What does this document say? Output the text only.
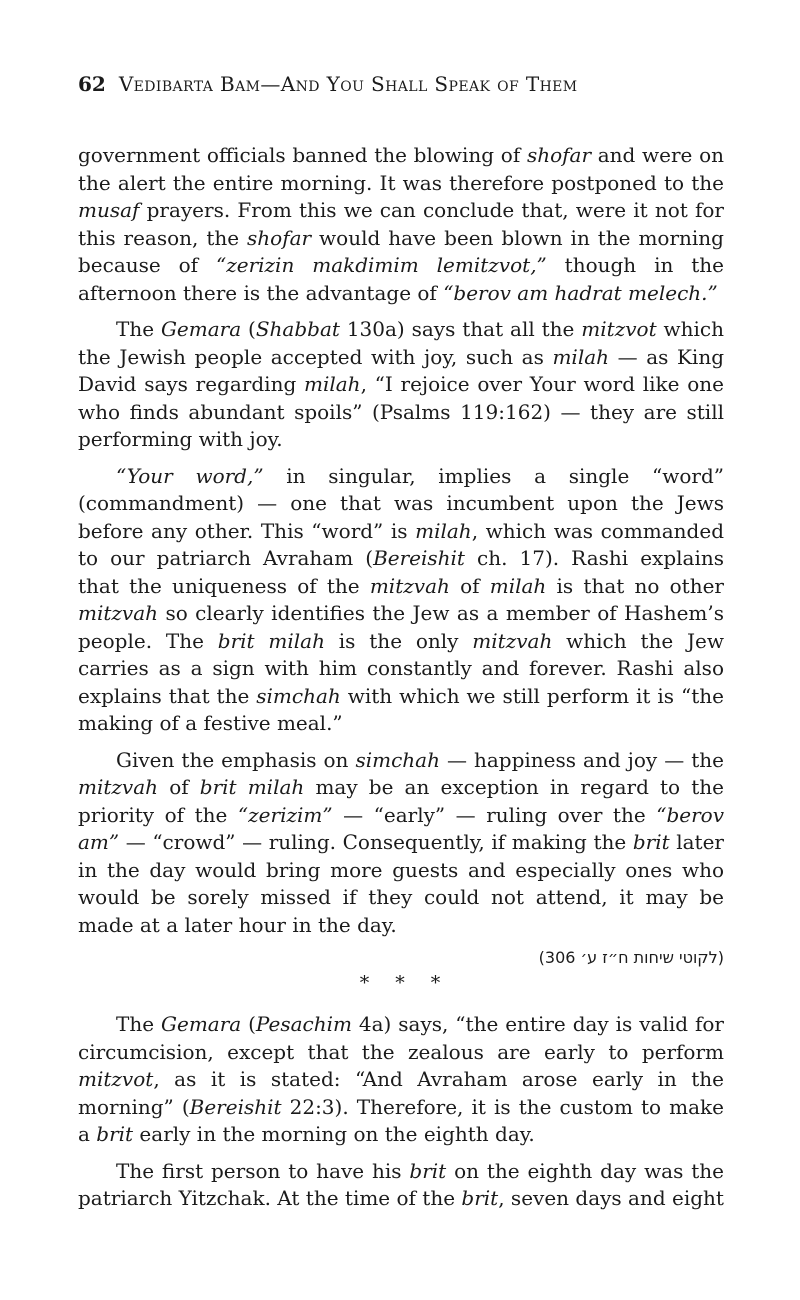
62 Vedibarta Bam—And You Shall Speak of Them

government officials banned the blowing of shofar and were on the alert the entire morning. It was therefore postponed to the musaf prayers. From this we can conclude that, were it not for this reason, the shofar would have been blown in the morning because of “zerizin makdimim lemitzvot,” though in the afternoon there is the advantage of “berov am hadrat melech.”

The Gemara (Shabbat 130a) says that all the mitzvot which the Jewish people accepted with joy, such as milah — as King David says regarding milah, “I rejoice over Your word like one who finds abundant spoils” (Psalms 119:162) — they are still performing with joy.

“Your word,” in singular, implies a single “word” (commandment) — one that was incumbent upon the Jews before any other. This “word” is milah, which was commanded to our patriarch Avraham (Bereishit ch. 17). Rashi explains that the uniqueness of the mitzvah of milah is that no other mitzvah so clearly identifies the Jew as a member of Hashem’s people. The brit milah is the only mitzvah which the Jew carries as a sign with him constantly and forever. Rashi also explains that the simchah with which we still perform it is “the making of a festive meal.”

Given the emphasis on simchah — happiness and joy — the mitzvah of brit milah may be an exception in regard to the priority of the “zerizim” — “early” — ruling over the “berov am” — “crowd” — ruling. Consequently, if making the brit later in the day would bring more guests and especially ones who would be sorely missed if they could not attend, it may be made at a later hour in the day.

(לקוטי שיחות ח״ז ע׳ 306)
* * *

The Gemara (Pesachim 4a) says, “the entire day is valid for circumcision, except that the zealous are early to perform mitzvot, as it is stated: “And Avraham arose early in the morning” (Bereishit 22:3). Therefore, it is the custom to make a brit early in the morning on the eighth day.

The first person to have his brit on the eighth day was the patriarch Yitzchak. At the time of the brit, seven days and eight
